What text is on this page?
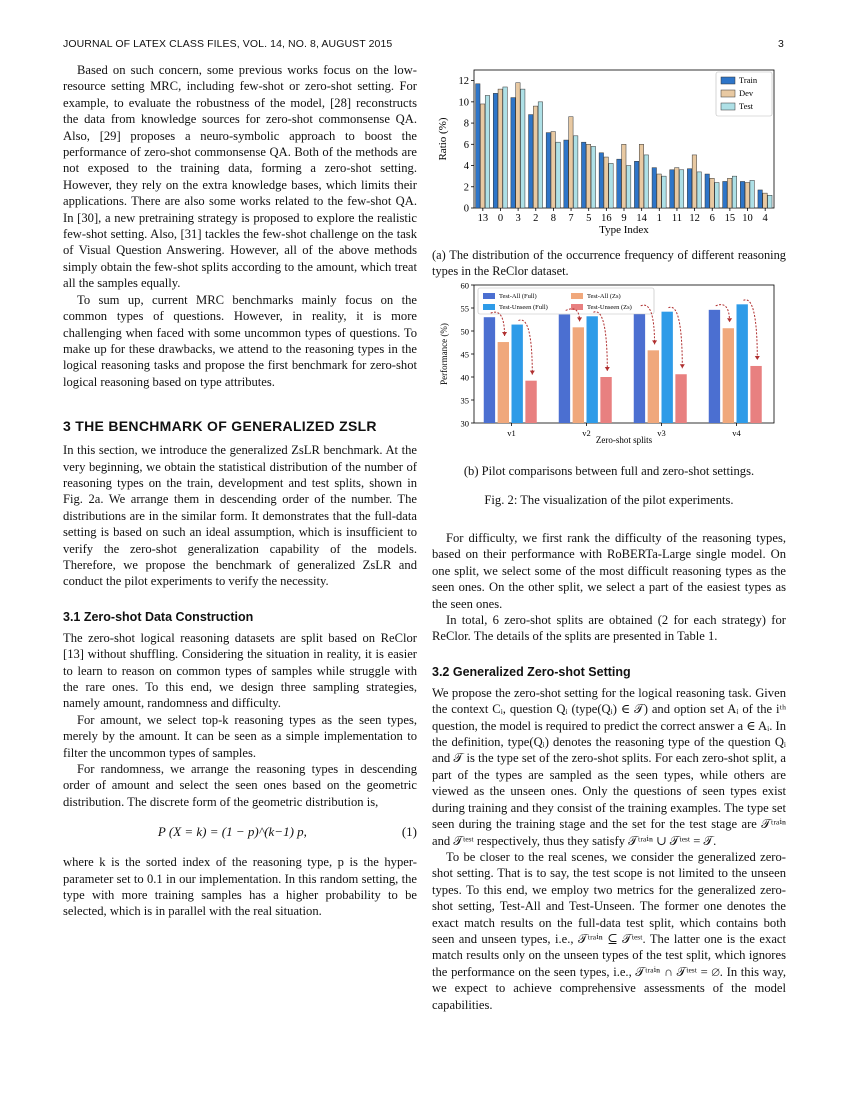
JOURNAL OF LATEX CLASS FILES, VOL. 14, NO. 8, AUGUST 2015	3

Based on such concern, some previous works focus on the low-resource setting MRC, including few-shot or zero-shot setting. For example, to evaluate the robustness of the model, [28] reconstructs the data from knowledge sources for zero-shot commonsense QA. Also, [29] proposes a neuro-symbolic approach to boost the performance of zero-shot commonsense QA. Both of the methods are not exposed to the training data, forming a zero-shot setting. However, they rely on the extra knowledge bases, which limits their applications. There are also some works related to the few-shot QA. In [30], a new pretraining strategy is proposed to explore the realistic few-shot setting. Also, [31] tackles the few-shot challenge on the task of Visual Question Answering. However, all of the above methods simply obtain the few-shot splits according to the amount, which treat all the samples equally.

To sum up, current MRC benchmarks mainly focus on the common types of questions. However, in reality, it is more challenging when faced with some uncommon types of questions. To make up for these drawbacks, we attend to the reasoning types in the logical reasoning tasks and propose the first benchmark for zero-shot logical reasoning based on type attributes.

3 THE BENCHMARK OF GENERALIZED ZSLR

In this section, we introduce the generalized ZsLR benchmark. At the very beginning, we obtain the statistical distribution of the number of reasoning types on the train, development and test splits, shown in Fig. 2a. We arrange them in descending order of the number. The distributions are in the similar form. It demonstrates that the full-data setting is based on such an ideal assumption, which is insufficient to verify the zero-shot generalization capability of the models. Therefore, we propose the benchmark of generalized ZsLR and conduct the pilot experiments to verify the necessity.

3.1 Zero-shot Data Construction

The zero-shot logical reasoning datasets are split based on ReClor [13] without shuffling. Considering the situation in reality, it is easier to learn to reason on common types of samples while struggle with the rare ones. To this end, we design three sampling strategies, namely amount, randomness and difficulty.

For amount, we select top-k reasoning types as the seen types, merely by the amount. It can be seen as a simple implementation to filter the uncommon types of samples.

For randomness, we arrange the reasoning types in descending order of amount and select the seen ones based on the geometric distribution. The discrete form of the geometric distribution is,

P (X = k) = (1 − p)^(k−1) p,	(1)

where k is the sorted index of the reasoning type, p is the hyper-parameter set to 0.1 in our implementation. In this random setting, the type with more training samples has a higher probability to be selected, which is in parallel with the real situation.

0
2
4
6
8
10
12
13 0 3 2 8 7 5 16 9 14 1 11 12 6 15 10 4
Type Index
Ratio (%)
Train
Dev
Test
(a) The distribution of the occurrence frequency of different reasoning types in the ReClor dataset.
30
35
40
45
50
55
60
v1	v2	v3	v4
Zero-shot splits
Performance (%)
Test-All (Full)	Test-All (Zs)
Test-Unseen (Full)	Test-Unseen (Zs)
(b) Pilot comparisons between full and zero-shot settings.
Fig. 2: The visualization of the pilot experiments.

For difficulty, we first rank the difficulty of the reasoning types, based on their performance with RoBERTa-Large single model. On one split, we select some of the most difficult reasoning types as the seen ones. On the other split, we select a part of the easiest types as the seen ones.

In total, 6 zero-shot splits are obtained (2 for each strategy) for ReClor. The details of the splits are presented in Table 1.

3.2 Generalized Zero-shot Setting

We propose the zero-shot setting for the logical reasoning task. Given the context Cᵢ, question Qᵢ (type(Qᵢ) ∈ 𝒯) and option set Aᵢ of the iᵗʰ question, the model is required to predict the correct answer a ∈ Aᵢ. In the definition, type(Qᵢ) denotes the reasoning type of the question Qᵢ and 𝒯 is the type set of the zero-shot splits. For each zero-shot split, a part of the types are sampled as the seen types, while others are viewed as the unseen ones. Only the questions of seen types exist during training and they consist of the training examples. The type set seen during the training stage and the set for the test stage are 𝒯ᵗʳᵃⁱⁿ and 𝒯ᵗᵉˢᵗ respectively, thus they satisfy 𝒯ᵗʳᵃⁱⁿ ∪ 𝒯ᵗᵉˢᵗ = 𝒯.

To be closer to the real scenes, we consider the generalized zero-shot setting. That is to say, the test scope is not limited to the unseen types. To this end, we employ two metrics for the generalized zero-shot setting, Test-All and Test-Unseen. The former one denotes the exact match results on the full-data test split, which contains both seen and unseen types, i.e., 𝒯ᵗʳᵃⁱⁿ ⊆ 𝒯ᵗᵉˢᵗ. The latter one is the exact match results only on the unseen types of the test split, which ignores the performance on the seen types, i.e., 𝒯ᵗʳᵃⁱⁿ ∩ 𝒯ᵗᵉˢᵗ = ∅. In this way, we expect to achieve comprehensive assessments of the model capabilities.
